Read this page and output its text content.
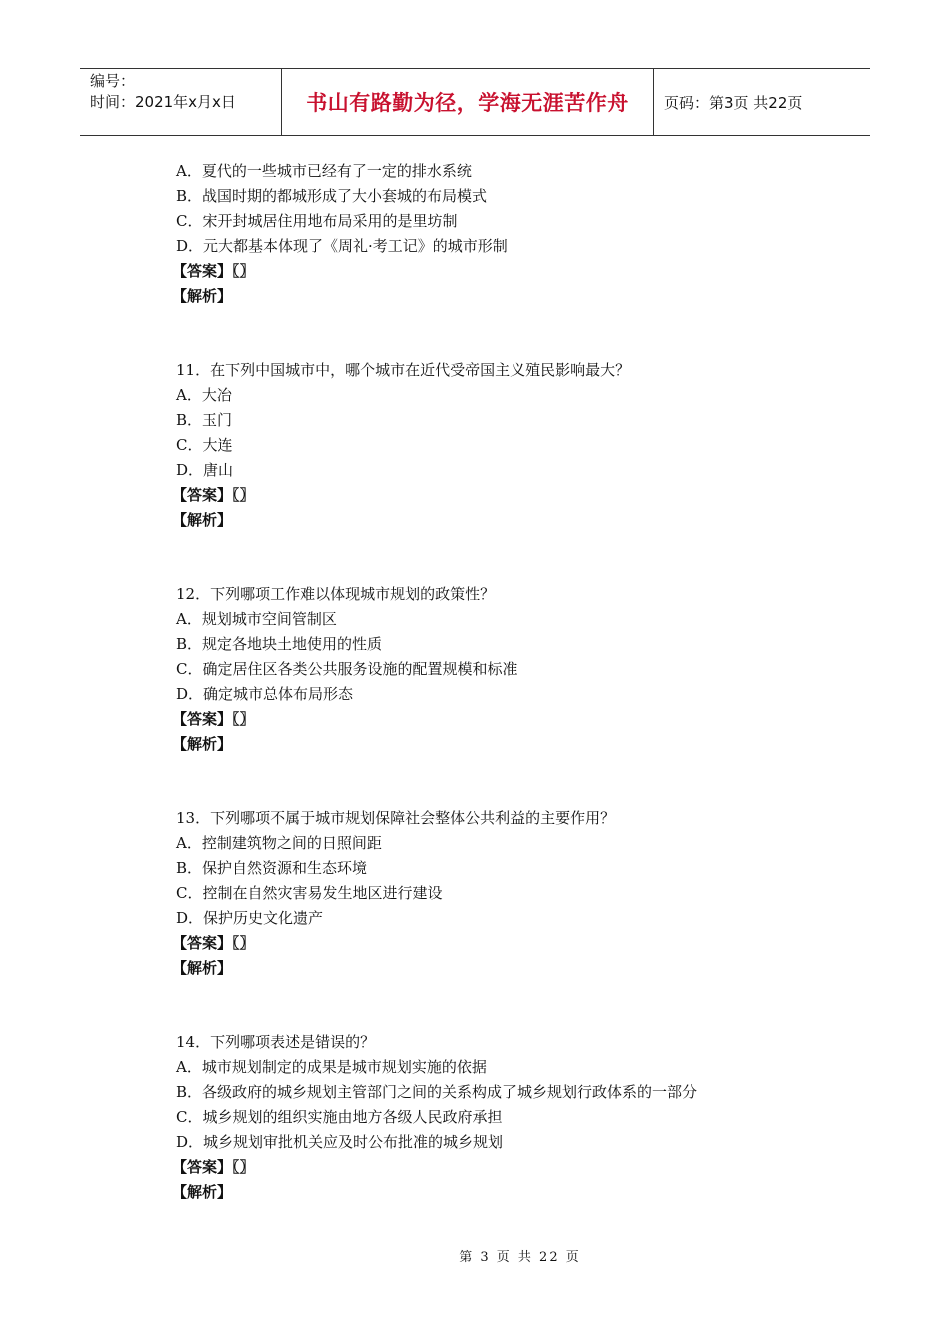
编号：
时间：2021年x月x日	书山有路勤为径，学海无涯苦作舟	页码：第3页 共22页
A．夏代的一些城市已经有了一定的排水系统
B．战国时期的都城形成了大小套城的布局模式
C．宋开封城居住用地布局采用的是里坊制
D．元大都基本体现了《周礼·考工记》的城市形制
【答案】〖〗
【解析】
11．在下列中国城市中，哪个城市在近代受帝国主义殖民影响最大？
A．大冶
B．玉门
C．大连
D．唐山
【答案】〖〗
【解析】
12．下列哪项工作难以体现城市规划的政策性？
A．规划城市空间管制区
B．规定各地块土地使用的性质
C．确定居住区各类公共服务设施的配置规模和标准
D．确定城市总体布局形态
【答案】〖〗
【解析】
13．下列哪项不属于城市规划保障社会整体公共利益的主要作用？
A．控制建筑物之间的日照间距
B．保护自然资源和生态环境
C．控制在自然灾害易发生地区进行建设
D．保护历史文化遗产
【答案】〖〗
【解析】
14．下列哪项表述是错误的？
A．城市规划制定的成果是城市规划实施的依据
B．各级政府的城乡规划主管部门之间的关系构成了城乡规划行政体系的一部分
C．城乡规划的组织实施由地方各级人民政府承担
D．城乡规划审批机关应及时公布批准的城乡规划
【答案】〖〗
【解析】
第 3 页 共 22 页
